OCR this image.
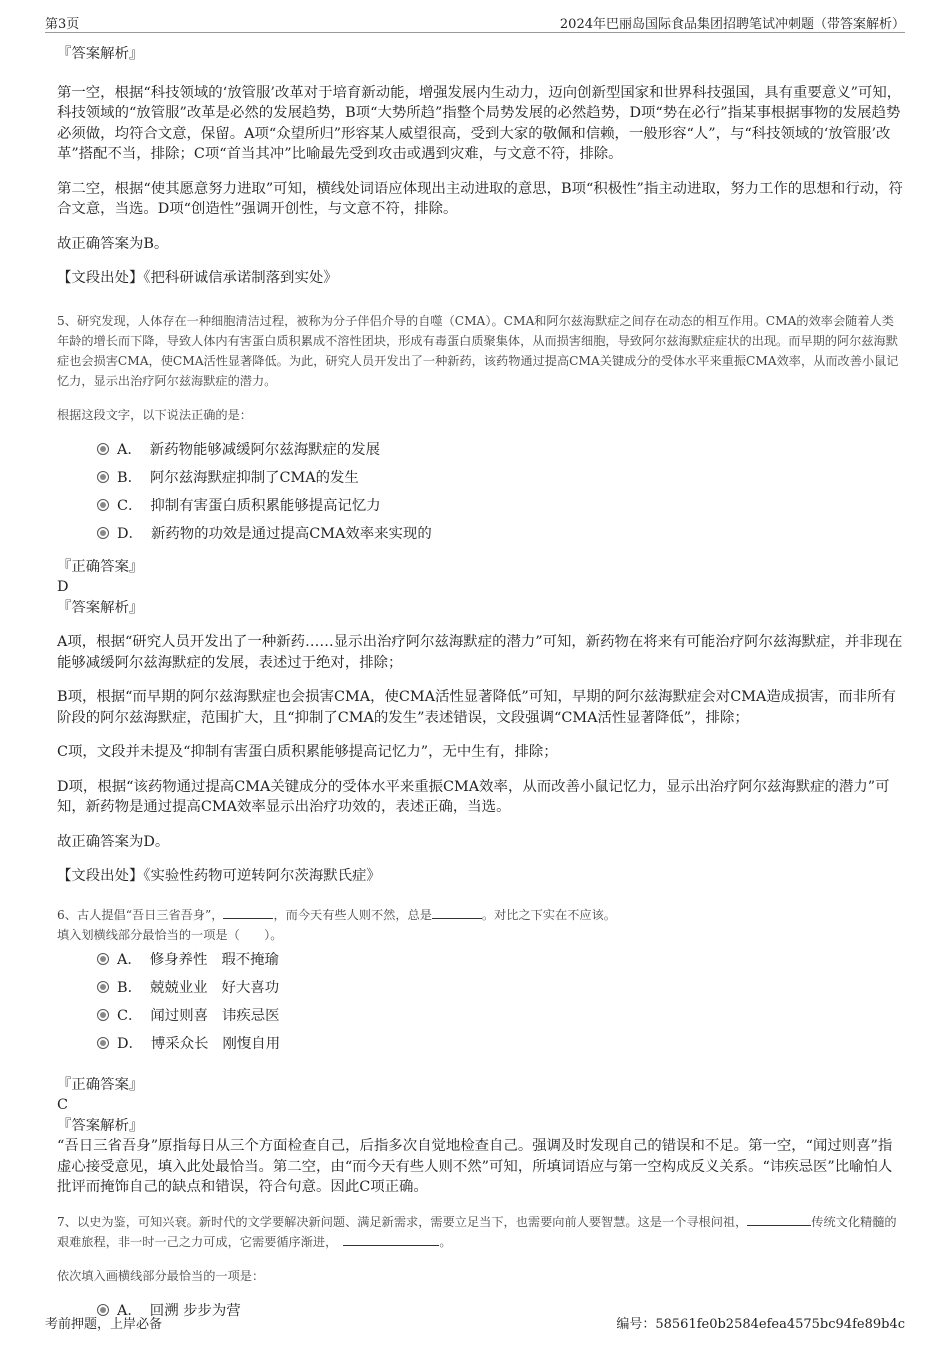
第3页	2024年巴丽岛国际食品集团招聘笔试冲刺题（带答案解析）

『答案解析』

第一空，根据“科技领域的‘放管服’改革对于培育新动能，增强发展内生动力，迈向创新型国家和世界科技强国，具有重要意义”可知，科技领域的“放管服”改革是必然的发展趋势，B项“大势所趋”指整个局势发展的必然趋势，D项“势在必行”指某事根据事物的发展趋势必须做，均符合文意，保留。A项“众望所归”形容某人威望很高，受到大家的敬佩和信赖，一般形容“人”，与“科技领域的‘放管服’改革”搭配不当，排除；C项“首当其冲”比喻最先受到攻击或遇到灾难，与文意不符，排除。

第二空，根据“使其愿意努力进取”可知，横线处词语应体现出主动进取的意思，B项“积极性”指主动进取，努力工作的思想和行动，符合文意，当选。D项“创造性”强调开创性，与文意不符，排除。

故正确答案为B。

【文段出处】《把科研诚信承诺制落到实处》

5、研究发现，人体存在一种细胞清洁过程，被称为分子伴侣介导的自噬（CMA）。CMA和阿尔兹海默症之间存在动态的相互作用。CMA的效率会随着人类年龄的增长而下降，导致人体内有害蛋白质积累成不溶性团块，形成有毒蛋白质聚集体，从而损害细胞，导致阿尔兹海默症症状的出现。而早期的阿尔兹海默症也会损害CMA，使CMA活性显著降低。为此，研究人员开发出了一种新药，该药物通过提高CMA关键成分的受体水平来重振CMA效率，从而改善小鼠记忆力，显示出治疗阿尔兹海默症的潜力。

根据这段文字，以下说法正确的是：

A． 新药物能够减缓阿尔兹海默症的发展
B． 阿尔兹海默症抑制了CMA的发生
C． 抑制有害蛋白质积累能够提高记忆力
D． 新药物的功效是通过提高CMA效率来实现的

『正确答案』

D

『答案解析』

A项，根据“研究人员开发出了一种新药……显示出治疗阿尔兹海默症的潜力”可知，新药物在将来有可能治疗阿尔兹海默症，并非现在能够减缓阿尔兹海默症的发展，表述过于绝对，排除；

B项，根据“而早期的阿尔兹海默症也会损害CMA，使CMA活性显著降低”可知，早期的阿尔兹海默症会对CMA造成损害，而非所有阶段的阿尔兹海默症，范围扩大，且“抑制了CMA的发生”表述错误，文段强调“CMA活性显著降低”，排除；

C项，文段并未提及“抑制有害蛋白质积累能够提高记忆力”，无中生有，排除；

D项，根据“该药物通过提高CMA关键成分的受体水平来重振CMA效率，从而改善小鼠记忆力，显示出治疗阿尔兹海默症的潜力”可知，新药物是通过提高CMA效率显示出治疗功效的，表述正确，当选。

故正确答案为D。

【文段出处】《实验性药物可逆转阿尔茨海默氏症》

6、古人提倡“吾日三省吾身”，	，而今天有些人则不然，总是	。对比之下实在不应该。

填入划横线部分最恰当的一项是（　　）。

A． 修身养性 瑕不掩瑜
B． 兢兢业业 好大喜功
C． 闻过则喜 讳疾忌医
D． 博采众长 刚愎自用

『正确答案』

C

『答案解析』

“吾日三省吾身”原指每日从三个方面检查自己，后指多次自觉地检查自己。强调及时发现自己的错误和不足。第一空，“闻过则喜”指虚心接受意见，填入此处最恰当。第二空，由“而今天有些人则不然”可知，所填词语应与第一空构成反义关系。“讳疾忌医”比喻怕人批评而掩饰自己的缺点和错误，符合句意。因此C项正确。

7、以史为鉴，可知兴衰。新时代的文学要解决新问题、满足新需求，需要立足当下，也需要向前人要智慧。这是一个寻根问祖，	传统文化精髓的艰难旅程，非一时一己之力可成，它需要循序渐进，	。

依次填入画横线部分最恰当的一项是：

A． 回溯 步步为营
考前押题，上岸必备	编号：58561fe0b2584efea4575bc94fe89b4c
